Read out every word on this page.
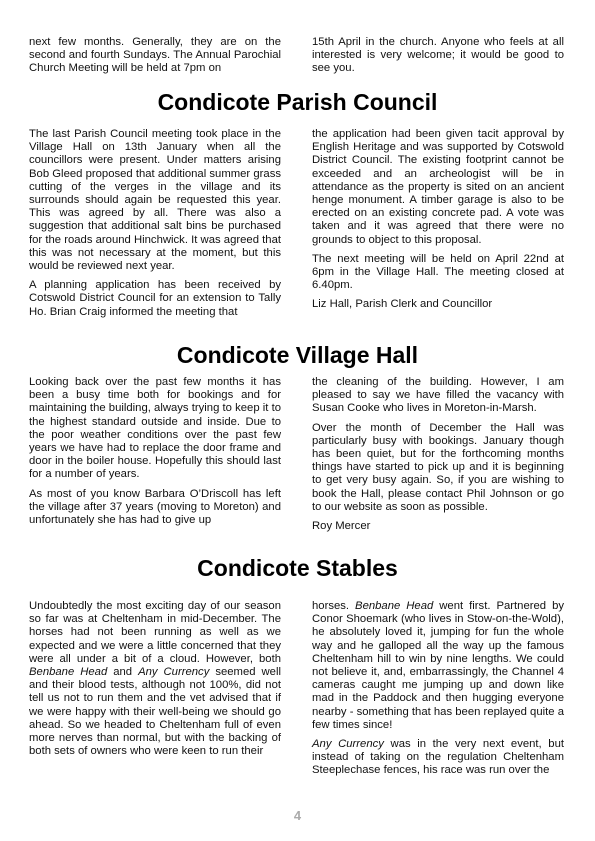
next few months. Generally, they are on the second and fourth Sundays. The Annual Parochial Church Meeting will be held at 7pm on

15th April in the church. Anyone who feels at all interested is very welcome; it would be good to see you.

Condicote Parish Council

The last Parish Council meeting took place in the Village Hall on 13th January when all the councillors were present. Under matters arising Bob Gleed proposed that additional summer grass cutting of the verges in the village and its surrounds should again be requested this year. This was agreed by all. There was also a suggestion that additional salt bins be purchased for the roads around Hinchwick. It was agreed that this was not necessary at the moment, but this would be reviewed next year.

A planning application has been received by Cotswold District Council for an extension to Tally Ho. Brian Craig informed the meeting that

the application had been given tacit approval by English Heritage and was supported by Cotswold District Council. The existing footprint cannot be exceeded and an archeologist will be in attendance as the property is sited on an ancient henge monument. A timber garage is also to be erected on an existing concrete pad. A vote was taken and it was agreed that there were no grounds to object to this proposal.

The next meeting will be held on April 22nd at 6pm in the Village Hall. The meeting closed at 6.40pm.

Liz Hall, Parish Clerk and Councillor

Condicote Village Hall

Looking back over the past few months it has been a busy time both for bookings and for maintaining the building, always trying to keep it to the highest standard outside and inside. Due to the poor weather conditions over the past few years we have had to replace the door frame and door in the boiler house. Hopefully this should last for a number of years.

As most of you know Barbara O’Driscoll has left the village after 37 years (moving to Moreton) and unfortunately she has had to give up

the cleaning of the building. However, I am pleased to say we have filled the vacancy with Susan Cooke who lives in Moreton-in-Marsh.

Over the month of December the Hall was particularly busy with bookings. January though has been quiet, but for the forthcoming months things have started to pick up and it is beginning to get very busy again. So, if you are wishing to book the Hall, please contact Phil Johnson or go to our website as soon as possible.

Roy Mercer

Condicote Stables

Undoubtedly the most exciting day of our season so far was at Cheltenham in mid-December. The horses had not been running as well as we expected and we were a little concerned that they were all under a bit of a cloud. However, both Benbane Head and Any Currency seemed well and their blood tests, although not 100%, did not tell us not to run them and the vet advised that if we were happy with their well-being we should go ahead. So we headed to Cheltenham full of even more nerves than normal, but with the backing of both sets of owners who were keen to run their

horses. Benbane Head went first. Partnered by Conor Shoemark (who lives in Stow-on-the-Wold), he absolutely loved it, jumping for fun the whole way and he galloped all the way up the famous Cheltenham hill to win by nine lengths. We could not believe it, and, embarrassingly, the Channel 4 cameras caught me jumping up and down like mad in the Paddock and then hugging everyone nearby - something that has been replayed quite a few times since!

Any Currency was in the very next event, but instead of taking on the regulation Cheltenham Steeplechase fences, his race was run over the

4
